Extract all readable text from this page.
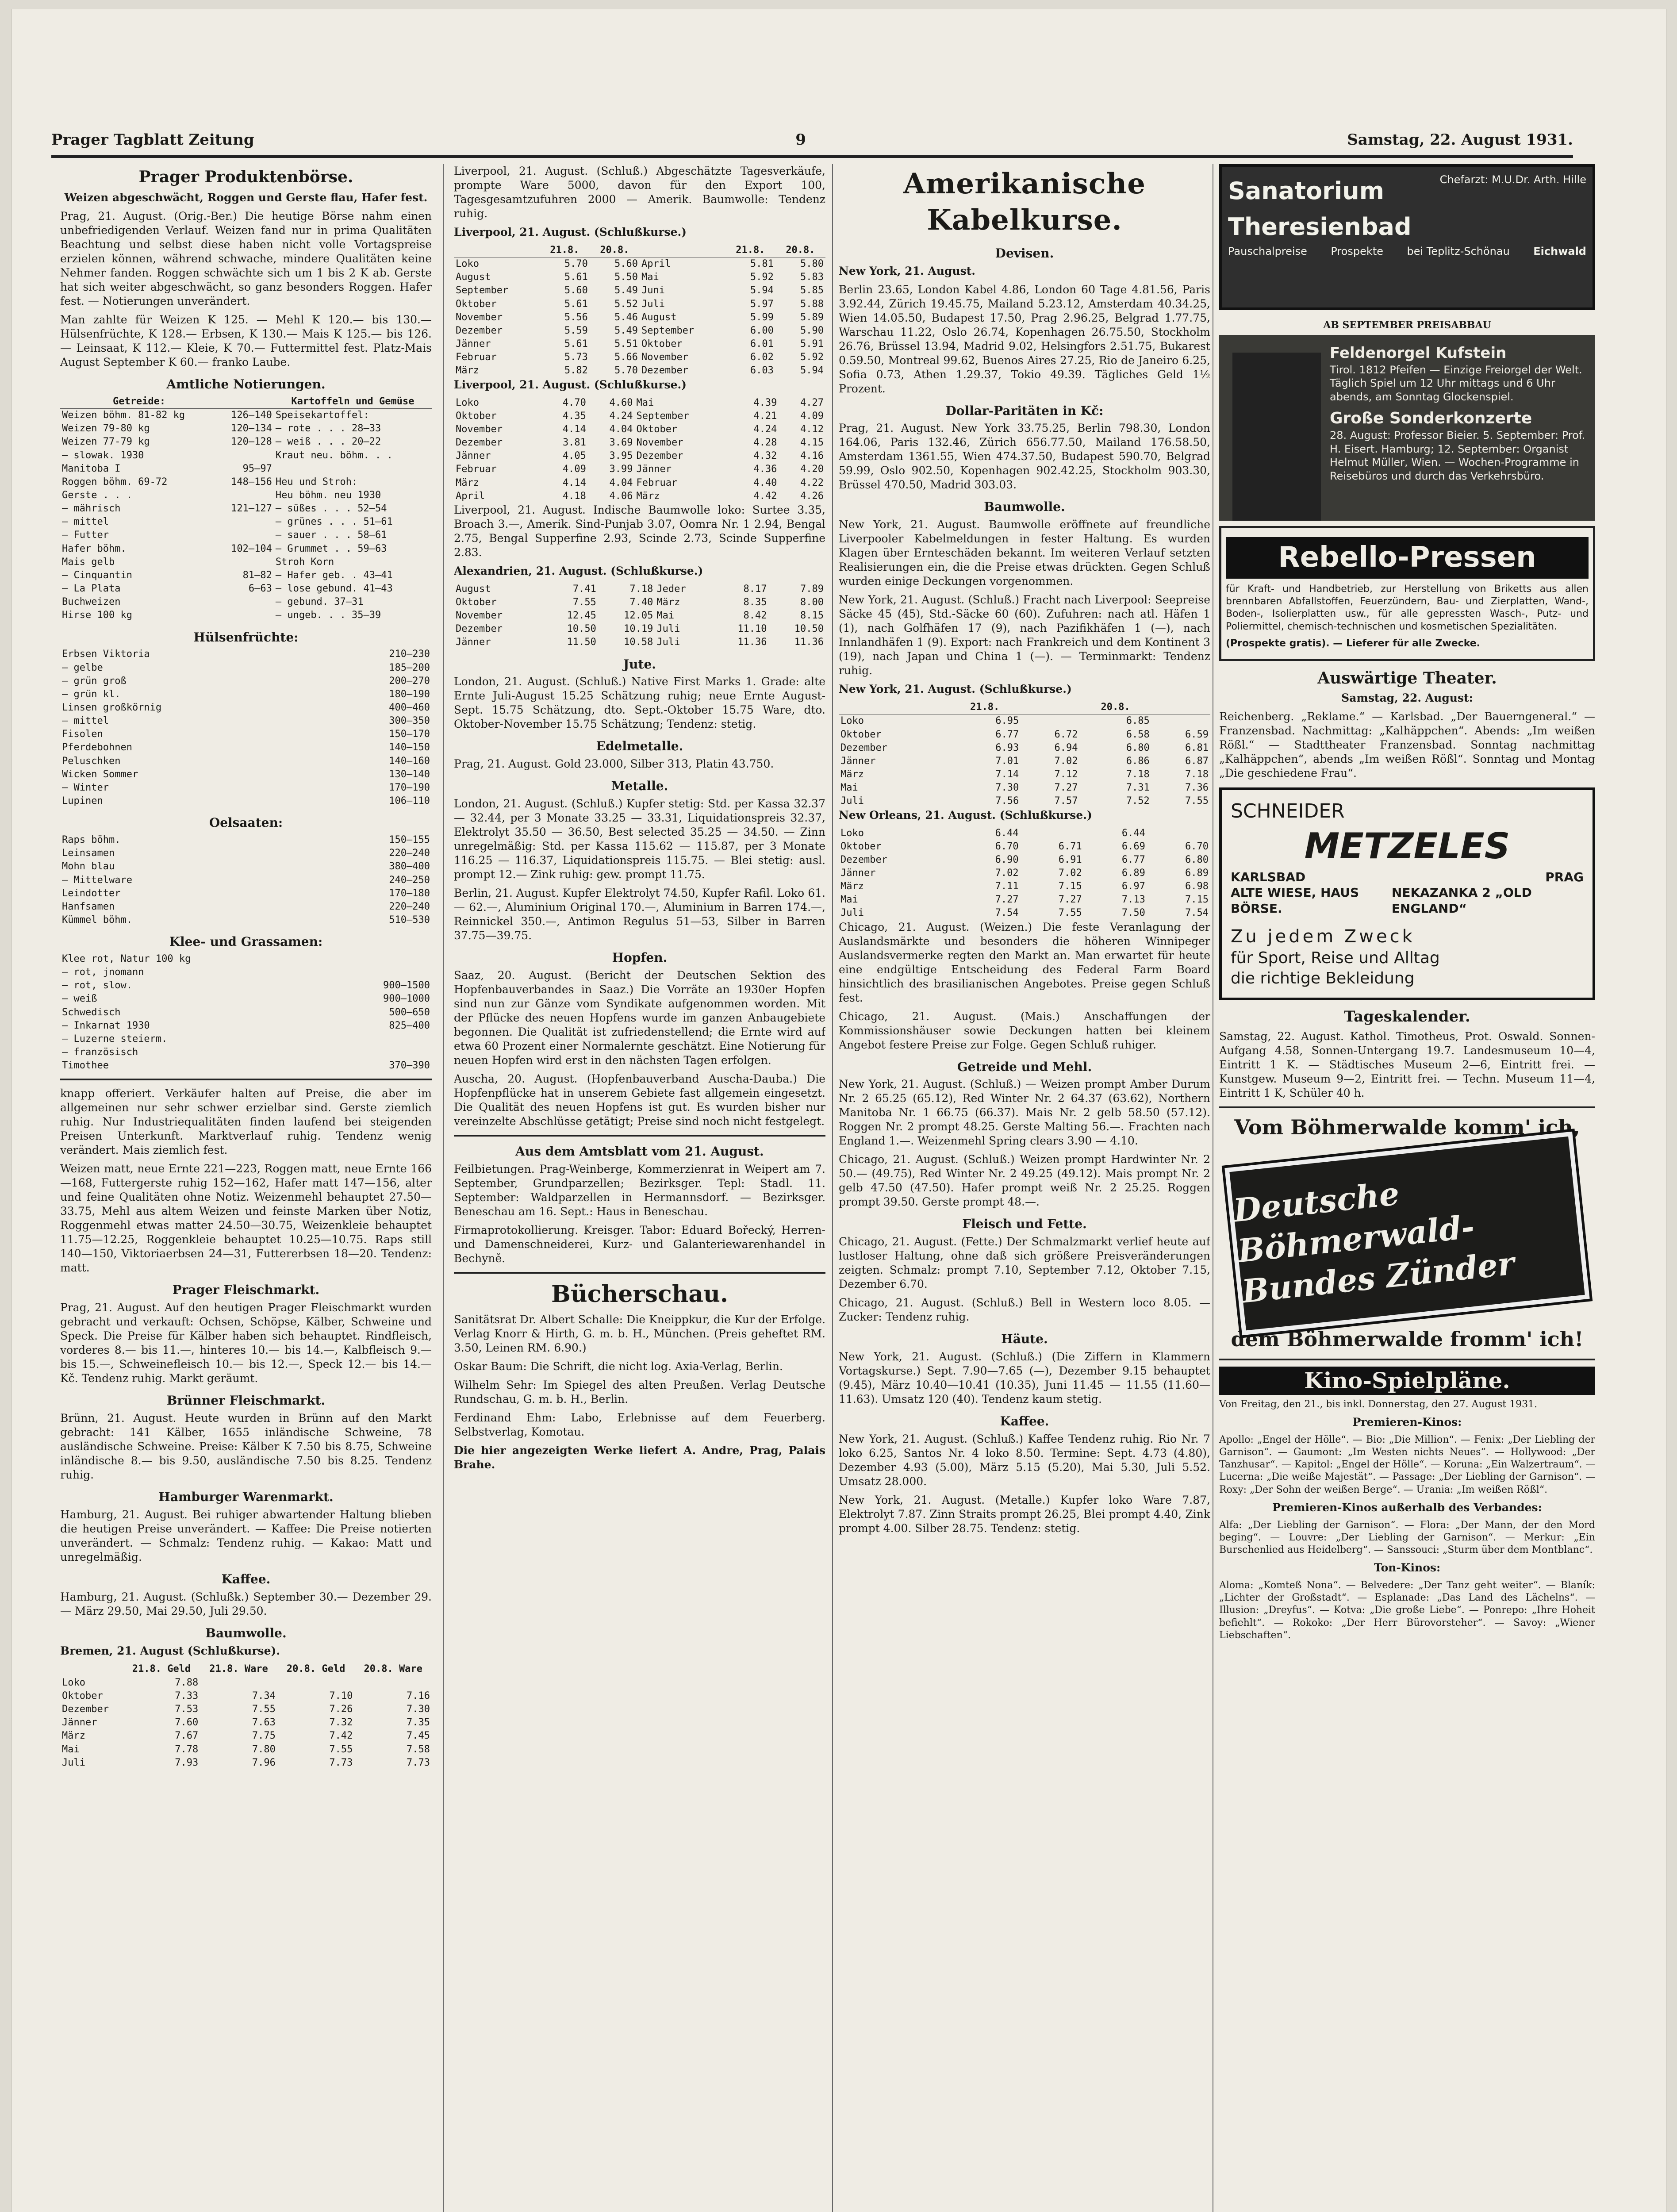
Prager Tagblatt Zeitung	9	Samstag, 22. August 1931.
Prager Produktenbörse.

Weizen abgeschwächt, Roggen und Gerste flau, Hafer fest.

Prag, 21. August. (Orig.-Ber.) Die heutige Börse nahm einen unbefriedigenden Verlauf. Weizen fand nur in prima Qualitäten Beachtung und selbst diese haben nicht volle Vortagspreise erzielen können, während schwache, mindere Qualitäten keine Nehmer fanden. Roggen schwächte sich um 1 bis 2 K ab. Gerste hat sich weiter abgeschwächt, so ganz besonders Roggen. Hafer fest. — Notierungen unverändert.

Man zahlte für Weizen K 125. — Mehl K 120.— bis 130.— Hülsenfrüchte, K 128.— Erbsen, K 130.— Mais K 125.— bis 126.— Leinsaat, K 112.— Kleie, K 70.— Futtermittel fest. Platz-Mais August September K 60.— franko Laube.

Amtliche Notierungen.
Getreide:		Kartoffeln und Gemüse
Weizen böhm. 81-82 kg	126—140	Speisekartoffel:
Weizen 79-80 kg	120—134	— rote . . . 28—33
Weizen 77-79 kg	120—128	— weiß . . . 20—22
— slowak. 1930		Kraut neu. böhm. . .
Manitoba I	95—97	
Roggen böhm. 69-72	148—156	Heu und Stroh:
Gerste . . .		Heu böhm. neu 1930
— mährisch	121—127	— süßes . . . 52—54
— mittel		— grünes . . . 51—61
— Futter		— sauer . . . 58—61
Hafer böhm.	102—104	— Grummet . . 59—63
Mais gelb		Stroh Korn
— Cinquantin	81—82	— Hafer geb. . 43—41
— La Plata	6—63	— lose gebund. 41—43
Buchweizen		— gebund. 37—31
Hirse 100 kg		— ungeb. . . 35—39
Hülsenfrüchte:
Erbsen Viktoria	210—230
— gelbe	185—200
— grün groß	200—270
— grün kl.	180—190
Linsen großkörnig	400—460
— mittel	300—350
Fisolen	150—170
Pferdebohnen	140—150
Peluschken	140—160
Wicken Sommer	130—140
— Winter	170—190
Lupinen	106—110
Oelsaaten:
Raps böhm.	150—155
Leinsamen	220—240
Mohn blau	380—400
— Mittelware	240—250
Leindotter	170—180
Hanfsamen	220—240
Kümmel böhm.	510—530
Klee- und Grassamen:
Klee rot, Natur 100 kg	
— rot, jnomann	
— rot, slow.	900—1500
— weiß	900—1000
Schwedisch	500—650
— Inkarnat 1930	825—400
— Luzerne steierm.	
— französisch	
Timothee	370—390

knapp offeriert. Verkäufer halten auf Preise, die aber im allgemeinen nur sehr schwer erzielbar sind. Gerste ziemlich ruhig. Nur Industriequalitäten finden laufend bei steigenden Preisen Unterkunft. Marktverlauf ruhig. Tendenz wenig verändert. Mais ziemlich fest.

Weizen matt, neue Ernte 221—223, Roggen matt, neue Ernte 166—168, Futtergerste ruhig 152—162, Hafer matt 147—156, alter und feine Qualitäten ohne Notiz. Weizenmehl behauptet 27.50—33.75, Mehl aus altem Weizen und feinste Marken über Notiz, Roggenmehl etwas matter 24.50—30.75, Weizenkleie behauptet 11.75—12.25, Roggenkleie behauptet 10.25—10.75. Raps still 140—150, Viktoriaerbsen 24—31, Futtererbsen 18—20. Tendenz: matt.

Prager Fleischmarkt.

Prag, 21. August. Auf den heutigen Prager Fleischmarkt wurden gebracht und verkauft: Ochsen, Schöpse, Kälber, Schweine und Speck. Die Preise für Kälber haben sich behauptet. Rindfleisch, vorderes 8.— bis 11.—, hinteres 10.— bis 14.—, Kalbfleisch 9.— bis 15.—, Schweinefleisch 10.— bis 12.—, Speck 12.— bis 14.— Kč. Tendenz ruhig. Markt geräumt.

Brünner Fleischmarkt.

Brünn, 21. August. Heute wurden in Brünn auf den Markt gebracht: 141 Kälber, 1655 inländische Schweine, 78 ausländische Schweine. Preise: Kälber K 7.50 bis 8.75, Schweine inländische 8.— bis 9.50, ausländische 7.50 bis 8.25. Tendenz ruhig.

Hamburger Warenmarkt.

Hamburg, 21. August. Bei ruhiger abwartender Haltung blieben die heutigen Preise unverändert. — Kaffee: Die Preise notierten unverändert. — Schmalz: Tendenz ruhig. — Kakao: Matt und unregelmäßig.

Kaffee.

Hamburg, 21. August. (Schlußk.) September 30.— Dezember 29.— März 29.50, Mai 29.50, Juli 29.50.

Baumwolle.

Bremen, 21. August (Schlußkurse).

	21.8. Geld	21.8. Ware	20.8. Geld	20.8. Ware
Loko	7.88			
Oktober	7.33	7.34	7.10	7.16
Dezember	7.53	7.55	7.26	7.30
Jänner	7.60	7.63	7.32	7.35
März	7.67	7.75	7.42	7.45
Mai	7.78	7.80	7.55	7.58
Juli	7.93	7.96	7.73	7.73

Liverpool, 21. August. (Schluß.) Abgeschätzte Tagesverkäufe, prompte Ware 5000, davon für den Export 100, Tagesgesamtzufuhren 2000 — Amerik. Baumwolle: Tendenz ruhig.

Liverpool, 21. August. (Schlußkurse.)

	21.8.	20.8.		21.8.	20.8.
Loko	5.70	5.60	April	5.81	5.80
August	5.61	5.50	Mai	5.92	5.83
September	5.60	5.49	Juni	5.94	5.85
Oktober	5.61	5.52	Juli	5.97	5.88
November	5.56	5.46	August	5.99	5.89
Dezember	5.59	5.49	September	6.00	5.90
Jänner	5.61	5.51	Oktober	6.01	5.91
Februar	5.73	5.66	November	6.02	5.92
März	5.82	5.70	Dezember	6.03	5.94

Liverpool, 21. August. (Schlußkurse.)

Loko	4.70	4.60	Mai	4.39	4.27
Oktober	4.35	4.24	September	4.21	4.09
November	4.14	4.04	Oktober	4.24	4.12
Dezember	3.81	3.69	November	4.28	4.15
Jänner	4.05	3.95	Dezember	4.32	4.16
Februar	4.09	3.99	Jänner	4.36	4.20
März	4.14	4.04	Februar	4.40	4.22
April	4.18	4.06	März	4.42	4.26

Liverpool, 21. August. Indische Baumwolle loko: Surtee 3.35, Broach 3.—, Amerik. Sind-Punjab 3.07, Oomra Nr. 1 2.94, Bengal 2.75, Bengal Supperfine 2.93, Scinde 2.73, Scinde Supperfine 2.83.

Alexandrien, 21. August. (Schlußkurse.)

August	7.41	7.18	Jeder	8.17	7.89
Oktober	7.55	7.40	März	8.35	8.00
November	12.45	12.05	Mai	8.42	8.15
Dezember	10.50	10.19	Juli	11.10	10.50
Jänner	11.50	10.58	Juli	11.36	11.36
Jute.

London, 21. August. (Schluß.) Native First Marks 1. Grade: alte Ernte Juli-August 15.25 Schätzung ruhig; neue Ernte August-Sept. 15.75 Schätzung, dto. Sept.-Oktober 15.75 Ware, dto. Oktober-November 15.75 Schätzung; Tendenz: stetig.

Edelmetalle.

Prag, 21. August. Gold 23.000, Silber 313, Platin 43.750.

Metalle.

London, 21. August. (Schluß.) Kupfer stetig: Std. per Kassa 32.37 — 32.44, per 3 Monate 33.25 — 33.31, Liquidationspreis 32.37, Elektrolyt 35.50 — 36.50, Best selected 35.25 — 34.50. — Zinn unregelmäßig: Std. per Kassa 115.62 — 115.87, per 3 Monate 116.25 — 116.37, Liquidationspreis 115.75. — Blei stetig: ausl. prompt 12.— Zink ruhig: gew. prompt 11.75.

Berlin, 21. August. Kupfer Elektrolyt 74.50, Kupfer Rafil. Loko 61.— 62.—, Aluminium Original 170.—, Aluminium in Barren 174.—, Reinnickel 350.—, Antimon Regulus 51—53, Silber in Barren 37.75—39.75.

Hopfen.

Saaz, 20. August. (Bericht der Deutschen Sektion des Hopfenbauverbandes in Saaz.) Die Vorräte an 1930er Hopfen sind nun zur Gänze vom Syndikate aufgenommen worden. Mit der Pflücke des neuen Hopfens wurde im ganzen Anbaugebiete begonnen. Die Qualität ist zufriedenstellend; die Ernte wird auf etwa 60 Prozent einer Normalernte geschätzt. Eine Notierung für neuen Hopfen wird erst in den nächsten Tagen erfolgen.

Auscha, 20. August. (Hopfenbauverband Auscha-Dauba.) Die Hopfenpflücke hat in unserem Gebiete fast allgemein eingesetzt. Die Qualität des neuen Hopfens ist gut. Es wurden bisher nur vereinzelte Abschlüsse getätigt; Preise sind noch nicht festgelegt.

Aus dem Amtsblatt vom 21. August.

Feilbietungen. Prag-Weinberge, Kommerzienrat in Weipert am 7. September, Grundparzellen; Bezirksger. Tepl: Stadl. 11. September: Waldparzellen in Hermannsdorf. — Bezirksger. Beneschau am 16. Sept.: Haus in Beneschau.

Firmaprotokollierung. Kreisger. Tabor: Eduard Bořecký, Herren- und Damenschneiderei, Kurz- und Galanteriewarenhandel in Bechyně.

Bücherschau.

Sanitätsrat Dr. Albert Schalle: Die Kneippkur, die Kur der Erfolge. Verlag Knorr & Hirth, G. m. b. H., München. (Preis geheftet RM. 3.50, Leinen RM. 6.90.)

Oskar Baum: Die Schrift, die nicht log. Axia-Verlag, Berlin.

Wilhelm Sehr: Im Spiegel des alten Preußen. Verlag Deutsche Rundschau, G. m. b. H., Berlin.

Ferdinand Ehm: Labo, Erlebnisse auf dem Feuerberg. Selbstverlag, Komotau.

Die hier angezeigten Werke liefert A. Andre, Prag, Palais Brahe.

Amerikanische Kabelkurse.
Devisen.

New York, 21. August.

Berlin 23.65, London Kabel 4.86, London 60 Tage 4.81.56, Paris 3.92.44, Zürich 19.45.75, Mailand 5.23.12, Amsterdam 40.34.25, Wien 14.05.50, Budapest 17.50, Prag 2.96.25, Belgrad 1.77.75, Warschau 11.22, Oslo 26.74, Kopenhagen 26.75.50, Stockholm 26.76, Brüssel 13.94, Madrid 9.02, Helsingfors 2.51.75, Bukarest 0.59.50, Montreal 99.62, Buenos Aires 27.25, Rio de Janeiro 6.25, Sofia 0.73, Athen 1.29.37, Tokio 49.39. Tägliches Geld 1½ Prozent.

Dollar-Paritäten in Kč:

Prag, 21. August. New York 33.75.25, Berlin 798.30, London 164.06, Paris 132.46, Zürich 656.77.50, Mailand 176.58.50, Amsterdam 1361.55, Wien 474.37.50, Budapest 590.70, Belgrad 59.99, Oslo 902.50, Kopenhagen 902.42.25, Stockholm 903.30, Brüssel 470.50, Madrid 303.03.

Baumwolle.

New York, 21. August. Baumwolle eröffnete auf freundliche Liverpooler Kabelmeldungen in fester Haltung. Es wurden Klagen über Ernteschäden bekannt. Im weiteren Verlauf setzten Realisierungen ein, die die Preise etwas drückten. Gegen Schluß wurden einige Deckungen vorgenommen.

New York, 21. August. (Schluß.) Fracht nach Liverpool: Seepreise Säcke 45 (45), Std.-Säcke 60 (60). Zufuhren: nach atl. Häfen 1 (1), nach Golfhäfen 17 (9), nach Pazifikhäfen 1 (—), nach Innlandhäfen 1 (9). Export: nach Frankreich und dem Kontinent 3 (19), nach Japan und China 1 (—). — Terminmarkt: Tendenz ruhig.

New York, 21. August. (Schlußkurse.)

	21.8.		20.8.	
Loko	6.95		6.85	
Oktober	6.77	6.72	6.58	6.59
Dezember	6.93	6.94	6.80	6.81
Jänner	7.01	7.02	6.86	6.87
März	7.14	7.12	7.18	7.18
Mai	7.30	7.27	7.31	7.36
Juli	7.56	7.57	7.52	7.55

New Orleans, 21. August. (Schlußkurse.)

Loko	6.44		6.44	
Oktober	6.70	6.71	6.69	6.70
Dezember	6.90	6.91	6.77	6.80
Jänner	7.02	7.02	6.89	6.89
März	7.11	7.15	6.97	6.98
Mai	7.27	7.27	7.13	7.15
Juli	7.54	7.55	7.50	7.54

Chicago, 21. August. (Weizen.) Die feste Veranlagung der Auslandsmärkte und besonders die höheren Winnipeger Auslandsvermerke regten den Markt an. Man erwartet für heute eine endgültige Entscheidung des Federal Farm Board hinsichtlich des brasilianischen Angebotes. Preise gegen Schluß fest.

Chicago, 21. August. (Mais.) Anschaffungen der Kommissionshäuser sowie Deckungen hatten bei kleinem Angebot festere Preise zur Folge. Gegen Schluß ruhiger.

Getreide und Mehl.

New York, 21. August. (Schluß.) — Weizen prompt Amber Durum Nr. 2 65.25 (65.12), Red Winter Nr. 2 64.37 (63.62), Northern Manitoba Nr. 1 66.75 (66.37). Mais Nr. 2 gelb 58.50 (57.12). Roggen Nr. 2 prompt 48.25. Gerste Malting 56.—. Frachten nach England 1.—. Weizenmehl Spring clears 3.90 — 4.10.

Chicago, 21. August. (Schluß.) Weizen prompt Hardwinter Nr. 2 50.— (49.75), Red Winter Nr. 2 49.25 (49.12). Mais prompt Nr. 2 gelb 47.50 (47.50). Hafer prompt weiß Nr. 2 25.25. Roggen prompt 39.50. Gerste prompt 48.—.

Fleisch und Fette.

Chicago, 21. August. (Fette.) Der Schmalzmarkt verlief heute auf lustloser Haltung, ohne daß sich größere Preisveränderungen zeigten. Schmalz: prompt 7.10, September 7.12, Oktober 7.15, Dezember 6.70.

Chicago, 21. August. (Schluß.) Bell in Western loco 8.05. — Zucker: Tendenz ruhig.

Häute.

New York, 21. August. (Schluß.) (Die Ziffern in Klammern Vortagskurse.) Sept. 7.90—7.65 (—), Dezember 9.15 behauptet (9.45), März 10.40—10.41 (10.35), Juni 11.45 — 11.55 (11.60—11.63). Umsatz 120 (40). Tendenz kaum stetig.

Kaffee.

New York, 21. August. (Schluß.) Kaffee Tendenz ruhig. Rio Nr. 7 loko 6.25, Santos Nr. 4 loko 8.50. Termine: Sept. 4.73 (4.80), Dezember 4.93 (5.00), März 5.15 (5.20), Mai 5.30, Juli 5.52. Umsatz 28.000.

New York, 21. August. (Metalle.) Kupfer loko Ware 7.87, Elektrolyt 7.87. Zinn Straits prompt 26.25, Blei prompt 4.40, Zink prompt 4.00. Silber 28.75. Tendenz: stetig.

Sanatorium	Chefarzt: M.U.Dr. Arth. Hille
Theresienbad
Pauschalpreise Prospekte bei Teplitz-Schönau Eichwald
AB SEPTEMBER PREISABBAU
Feldenorgel Kufstein
Tirol. 1812 Pfeifen — Einzige Freiorgel der Welt. Täglich Spiel um 12 Uhr mittags und 6 Uhr abends, am Sonntag Glockenspiel.
Große Sonderkonzerte
28. August: Professor Bieier. 5. September: Prof. H. Eisert. Hamburg; 12. September: Organist Helmut Müller, Wien. — Wochen-Programme in Reisebüros und durch das Verkehrsbüro.
Rebello-Pressen

für Kraft- und Handbetrieb, zur Herstellung von Briketts aus allen brennbaren Abfallstoffen, Feuerzündern, Bau- und Zierplatten, Wand-, Boden-, Isolierplatten usw., für alle gepressten Wasch-, Putz- und Poliermittel, chemisch-technischen und kosmetischen Spezialitäten.

(Prospekte gratis). — Lieferer für alle Zwecke.

Auswärtige Theater.

Samstag, 22. August:

Reichenberg. „Reklame.“ — Karlsbad. „Der Bauerngeneral.“ — Franzensbad. Nachmittag: „Kalhäppchen“. Abends: „Im weißen Rößl.“ — Stadttheater Franzensbad. Sonntag nachmittag „Kalhäppchen“, abends „Im weißen Rößl“. Sonntag und Montag „Die geschiedene Frau“.

SCHNEIDER
METZELES
KARLSBAD	PRAG
ALTE WIESE, HAUS BÖRSE.
NEKAZANKA 2 „OLD ENGLAND“
Zu jedem Zweck
für Sport, Reise und Alltag
die richtige Bekleidung
Tageskalender.

Samstag, 22. August. Kathol. Timotheus, Prot. Oswald. Sonnen-Aufgang 4.58, Sonnen-Untergang 19.7. Landesmuseum 10—4, Eintritt 1 K. — Städtisches Museum 2—6, Eintritt frei. — Kunstgew. Museum 9—2, Eintritt frei. — Techn. Museum 11—4, Eintritt 1 K, Schüler 40 h.

Vom Böhmerwalde komm' ich,
Deutsche Böhmerwald-Bundes Zünder
dem Böhmerwalde fromm' ich!
Kino-Spielpläne.

Von Freitag, den 21., bis inkl. Donnerstag, den 27. August 1931.

Premieren-Kinos:

Apollo: „Engel der Hölle“. — Bio: „Die Million“. — Fenix: „Der Liebling der Garnison“. — Gaumont: „Im Westen nichts Neues“. — Hollywood: „Der Tanzhusar“. — Kapitol: „Engel der Hölle“. — Koruna: „Ein Walzertraum“. — Lucerna: „Die weiße Majestät“. — Passage: „Der Liebling der Garnison“. — Roxy: „Der Sohn der weißen Berge“. — Urania: „Im weißen Rößl“.

Premieren-Kinos außerhalb des Verbandes:

Alfa: „Der Liebling der Garnison“. — Flora: „Der Mann, der den Mord beging“. — Louvre: „Der Liebling der Garnison“. — Merkur: „Ein Burschenlied aus Heidelberg“. — Sanssouci: „Sturm über dem Montblanc“.

Ton-Kinos:

Aloma: „Komteß Nona“. — Belvedere: „Der Tanz geht weiter“. — Blaník: „Lichter der Großstadt“. — Esplanade: „Das Land des Lächelns“. — Illusion: „Dreyfus“. — Kotva: „Die große Liebe“. — Ponrepo: „Ihre Hoheit befiehlt“. — Rokoko: „Der Herr Bürovorsteher“. — Savoy: „Wiener Liebschaften“.
